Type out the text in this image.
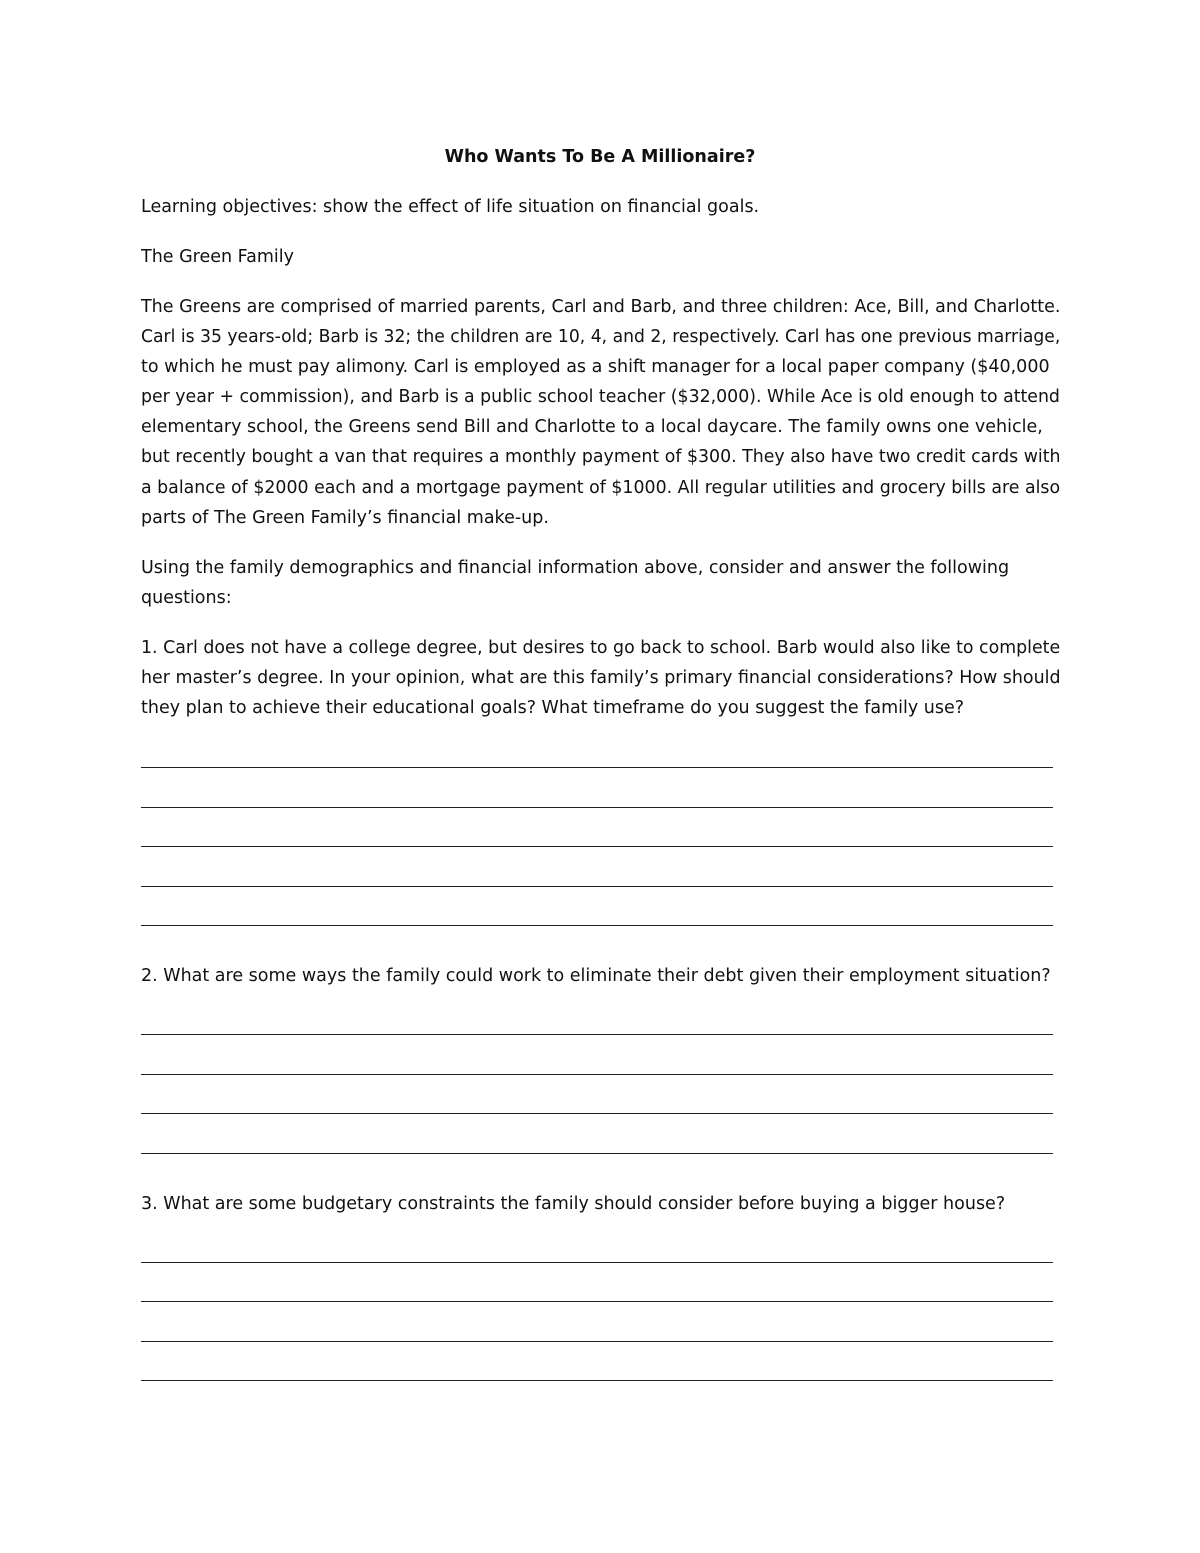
Who Wants To Be A Millionaire?
Learning objectives: show the effect of life situation on financial goals.
The Green Family
The Greens are comprised of married parents, Carl and Barb, and three children: Ace, Bill, and Charlotte.
Carl is 35 years-old; Barb is 32; the children are 10, 4, and 2, respectively. Carl has one previous marriage,
to which he must pay alimony. Carl is employed as a shift manager for a local paper company ($40,000
per year + commission), and Barb is a public school teacher ($32,000). While Ace is old enough to attend
elementary school, the Greens send Bill and Charlotte to a local daycare. The family owns one vehicle,
but recently bought a van that requires a monthly payment of $300. They also have two credit cards with
a balance of $2000 each and a mortgage payment of $1000. All regular utilities and grocery bills are also
parts of The Green Family’s financial make-up.
Using the family demographics and financial information above, consider and answer the following
questions:
1. Carl does not have a college degree, but desires to go back to school. Barb would also like to complete
her master’s degree. In your opinion, what are this family’s primary financial considerations? How should
they plan to achieve their educational goals? What timeframe do you suggest the family use?
2. What are some ways the family could work to eliminate their debt given their employment situation?
3. What are some budgetary constraints the family should consider before buying a bigger house?
